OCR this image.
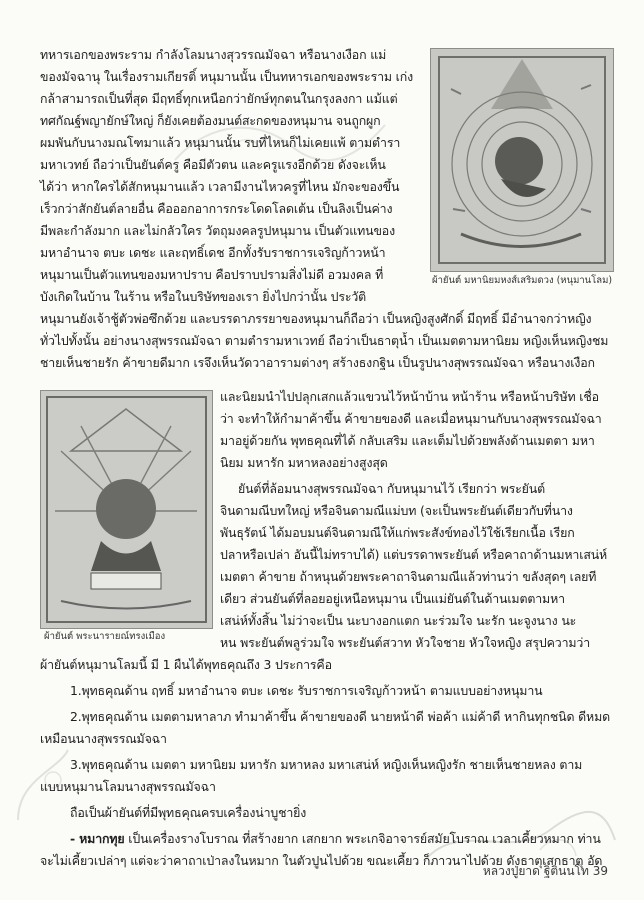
ผ้ายันต์ มหานิยมหงส์เสริมดวง (หนุมานโลม)
ผ้ายันต์ พระนารายณ์ทรงเมือง
ทหารเอกของพระราม กำลังโลมนางสุวรรณมัจฉา หรือนางเงือก แม่
ของมัจฉานุ ในเรื่องรามเกียรติ์ หนุมานนั้น เป็นทหารเอกของพระราม เก่ง
กล้าสามารถเป็นที่สุด มีฤทธิ์ทุกเหนือกว่ายักษ์ทุกตนในกรุงลงกา แม้แต่
ทศกัณฐ์พญายักษ์ใหญ่ ก็ยังเคยต้องมนต์สะกดของหนุมาน จนถูกผูก
ผมพันกับนางมณโฑมาแล้ว หนุมานนั้น รบที่ไหนก็ไม่เคยแพ้ ตามตำรา
มหาเวทย์ ถือว่าเป็นยันต์ครู คือมีตัวตน และครูแรงอีกด้วย ดังจะเห็น
ได้ว่า หากใครได้สักหนุมานแล้ว เวลามีงานไหวครูที่ไหน มักจะของขึ้น
เร็วกว่าสักยันต์ลายอื่น คือออกอาการกระโดดโลดเต้น เป็นลิงเป็นค่าง
มีพละกำลังมาก และไม่กลัวใคร วัตถุมงคลรูปหนุมาน เป็นตัวแทนของ
มหาอำนาจ ตบะ เดชะ และฤทธิ์เดช อีกทั้งรับราชการเจริญก้าวหน้า
หนุมานเป็นตัวแทนของมหาปราบ คือปราบปรามสิ่งไม่ดี อวมงคล ที่
บังเกิดในบ้าน ในร้าน หรือในบริษัทของเรา ยิ่งไปกว่านั้น ประวัติ
หนุมานยังเจ้าชู้ตัวพ่อซึกด้วย และบรรดาภรรยาของหนุมานก็ถือว่า เป็นหญิงสูงศักดิ์ มีฤทธิ์ มีอำนาจกว่าหญิง
ทั่วไปทั้งนั้น อย่างนางสุพรรณมัจฉา ตามตำรามหาเวทย์ ถือว่าเป็นธาตุน้ำ เป็นเมตตามหานิยม หญิงเห็นหญิงชม
ชายเห็นชายรัก ค้าขายดีมาก เรจึงเห็นวัดวาอารามต่างๆ สร้างธงกฐิน เป็นรูปนางสุพรรณมัจฉา หรือนางเงือก
และนิยมนำไปปลุกเสกแล้วแขวนไว้หน้าบ้าน หน้าร้าน หรือหน้าบริษัท เชื่อ
ว่า จะทำให้กำมาค้าขึ้น ค้าขายของดี และเมื่อหนุมานกับนางสุพรรณมัจฉา
มาอยู่ด้วยกัน พุทธคุณที่ได้ กลับเสริม และเต็มไปด้วยพลังด้านเมตตา มหา
นิยม มหารัก มหาหลงอย่างสูงสุด
ยันต์ที่ล้อมนางสุพรรณมัจฉา กับหนุมานไว้ เรียกว่า พระยันต์
จินดามณีบทใหญ่ หรือจินดามณีแม่บท (จะเป็นพระยันต์เดียวกับที่นาง
พันธุรัตน์ ได้มอบมนต์จินดามณีให้แก่พระสังข์ทองไว้ใช้เรียกเนื้อ เรียก
ปลาหรือเปล่า อันนี้ไม่ทราบได้) แต่บรรดาพระยันต์ หรือคาถาด้านมหาเสน่ห์
เมตตา ค้าขาย ถ้าหนุนด้วยพระคาถาจินดามณีแล้วท่านว่า ขลังสุดๆ เลยที
เดียว ส่วนยันต์ที่ลอยอยู่เหนือหนุมาน เป็นแม่ยันต์ในด้านเมตตามหา
เสน่ห์ทั้งสิ้น ไม่ว่าจะเป็น นะบางอกแตก นะร่วมใจ นะรัก นะจูงนาง นะ
หน พระยันต์พลูร่วมใจ พระยันต์สวาท หัวใจชาย หัวใจหญิง สรุปความว่า
ผ้ายันต์หนุมานโลมนี้ มี 1 ผืนได้พุทธคุณถึง 3 ประการคือ
1.พุทธคุณด้าน ฤทธิ์ มหาอำนาจ ตบะ เดชะ รับราชการเจริญก้าวหน้า ตามแบบอย่างหนุมาน
2.พุทธคุณด้าน เมตตามหาลาภ ทำมาค้าขึ้น ค้าขายของดี นายหน้าดี พ่อค้า แม่ค้าดี หากินทุกชนิด ดีหมด
เหมือนนางสุพรรณมัจฉา
3.พุทธคุณด้าน เมตตา มหานิยม มหารัก มหาหลง มหาเสน่ห์ หญิงเห็นหญิงรัก ชายเห็นชายหลง ตาม
แบบหนุมานโลมนางสุพรรณมัจฉา
ถือเป็นผ้ายันต์ที่มีพุทธคุณครบเครื่องน่าบูชายิ่ง
- หมากทุย เป็นเครื่องรางโบราณ ที่สร้างยาก เสกยาก พระเกจิอาจารย์สมัยโบราณ เวลาเคี้ยวหมาก ท่าน
จะไม่เคี้ยวเปล่าๆ แต่จะว่าคาถาเป่าลงในหมาก ในตัวปูนไปด้วย ขณะเคี้ยว ก็ภาวนาไปด้วย ดังธาตุเสกธาตุ อัด
หลวงปู่ยาด ฐิตินนโท 39
